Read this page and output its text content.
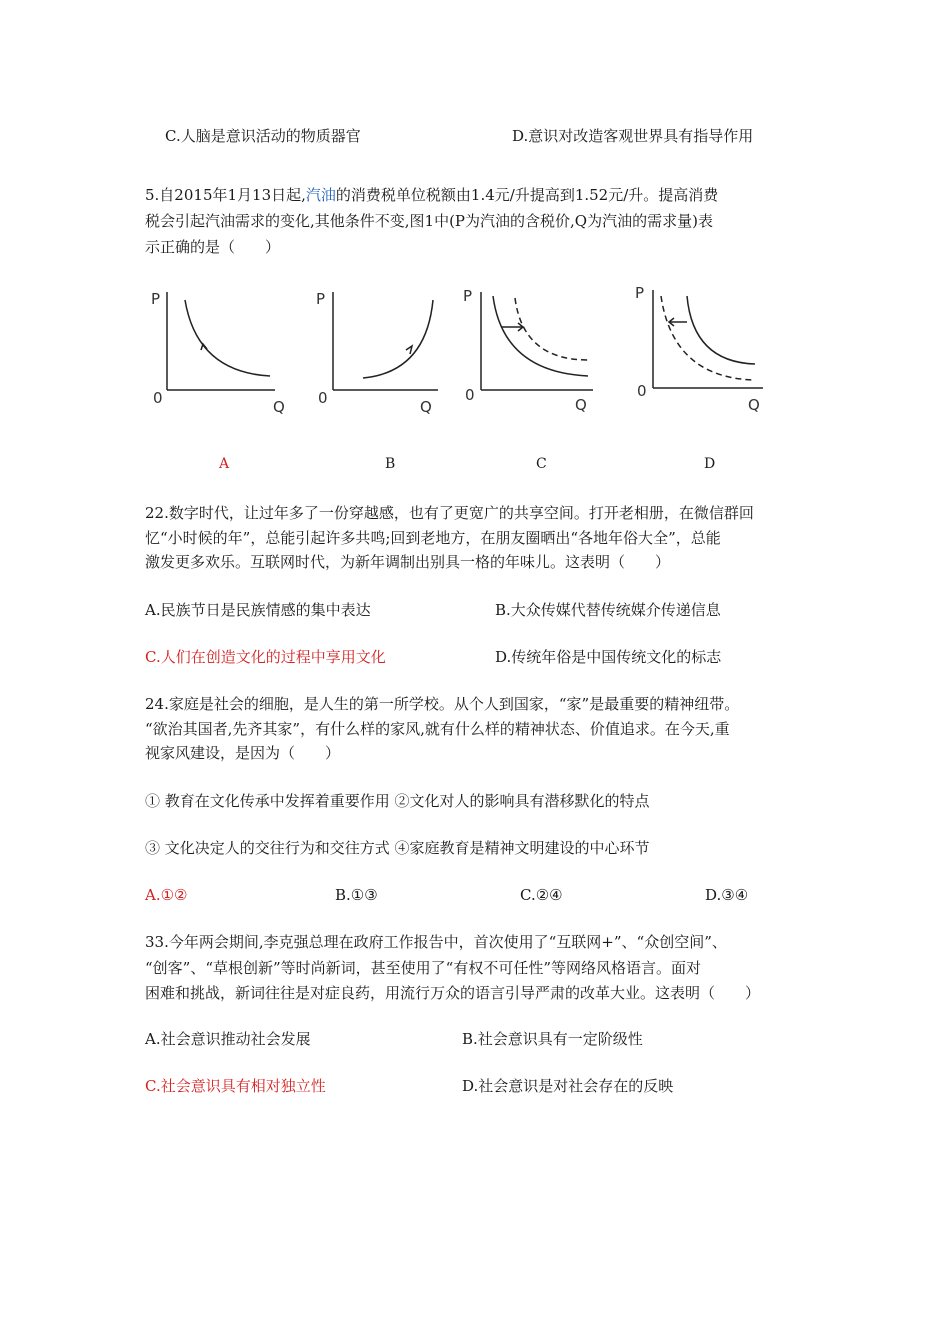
C.人脑是意识活动的物质器官	D.意识对改造客观世界具有指导作用
5.自2015年1月13日起,汽油的消费税单位税额由1.4元/升提高到1.52元/升。提高消费
税会引起汽油需求的变化,其他条件不变,图1中(P为汽油的含税价,Q为汽油的需求量)表
示正确的是（　　）
P
0	Q
P
0	Q
P
0
Q
P
0
Q
A	B	C	D
22.数字时代，让过年多了一份穿越感，也有了更宽广的共享空间。打开老相册，在微信群回
忆“小时候的年”，总能引起许多共鸣;回到老地方，在朋友圈晒出“各地年俗大全”，总能
激发更多欢乐。互联网时代，为新年调制出别具一格的年味儿。这表明（　　）
A.民族节日是民族情感的集中表达	B.大众传媒代替传统媒介传递信息
C.人们在创造文化的过程中享用文化	D.传统年俗是中国传统文化的标志
24.家庭是社会的细胞，是人生的第一所学校。从个人到国家，“家”是最重要的精神纽带。
“欲治其国者,先齐其家”，有什么样的家风,就有什么样的精神状态、价值追求。在今天,重
视家风建设，是因为（　　）
① 教育在文化传承中发挥着重要作用 ②文化对人的影响具有潜移默化的特点
③ 文化决定人的交往行为和交往方式 ④家庭教育是精神文明建设的中心环节
A.①②	B.①③	C.②④	D.③④
33.今年两会期间,李克强总理在政府工作报告中，首次使用了“互联网+”、“众创空间”、
“创客”、“草根创新”等时尚新词，甚至使用了“有权不可任性”等网络风格语言。面对
困难和挑战，新词往往是对症良药，用流行万众的语言引导严肃的改革大业。这表明（　　）
A.社会意识推动社会发展	B.社会意识具有一定阶级性
C.社会意识具有相对独立性	D.社会意识是对社会存在的反映
